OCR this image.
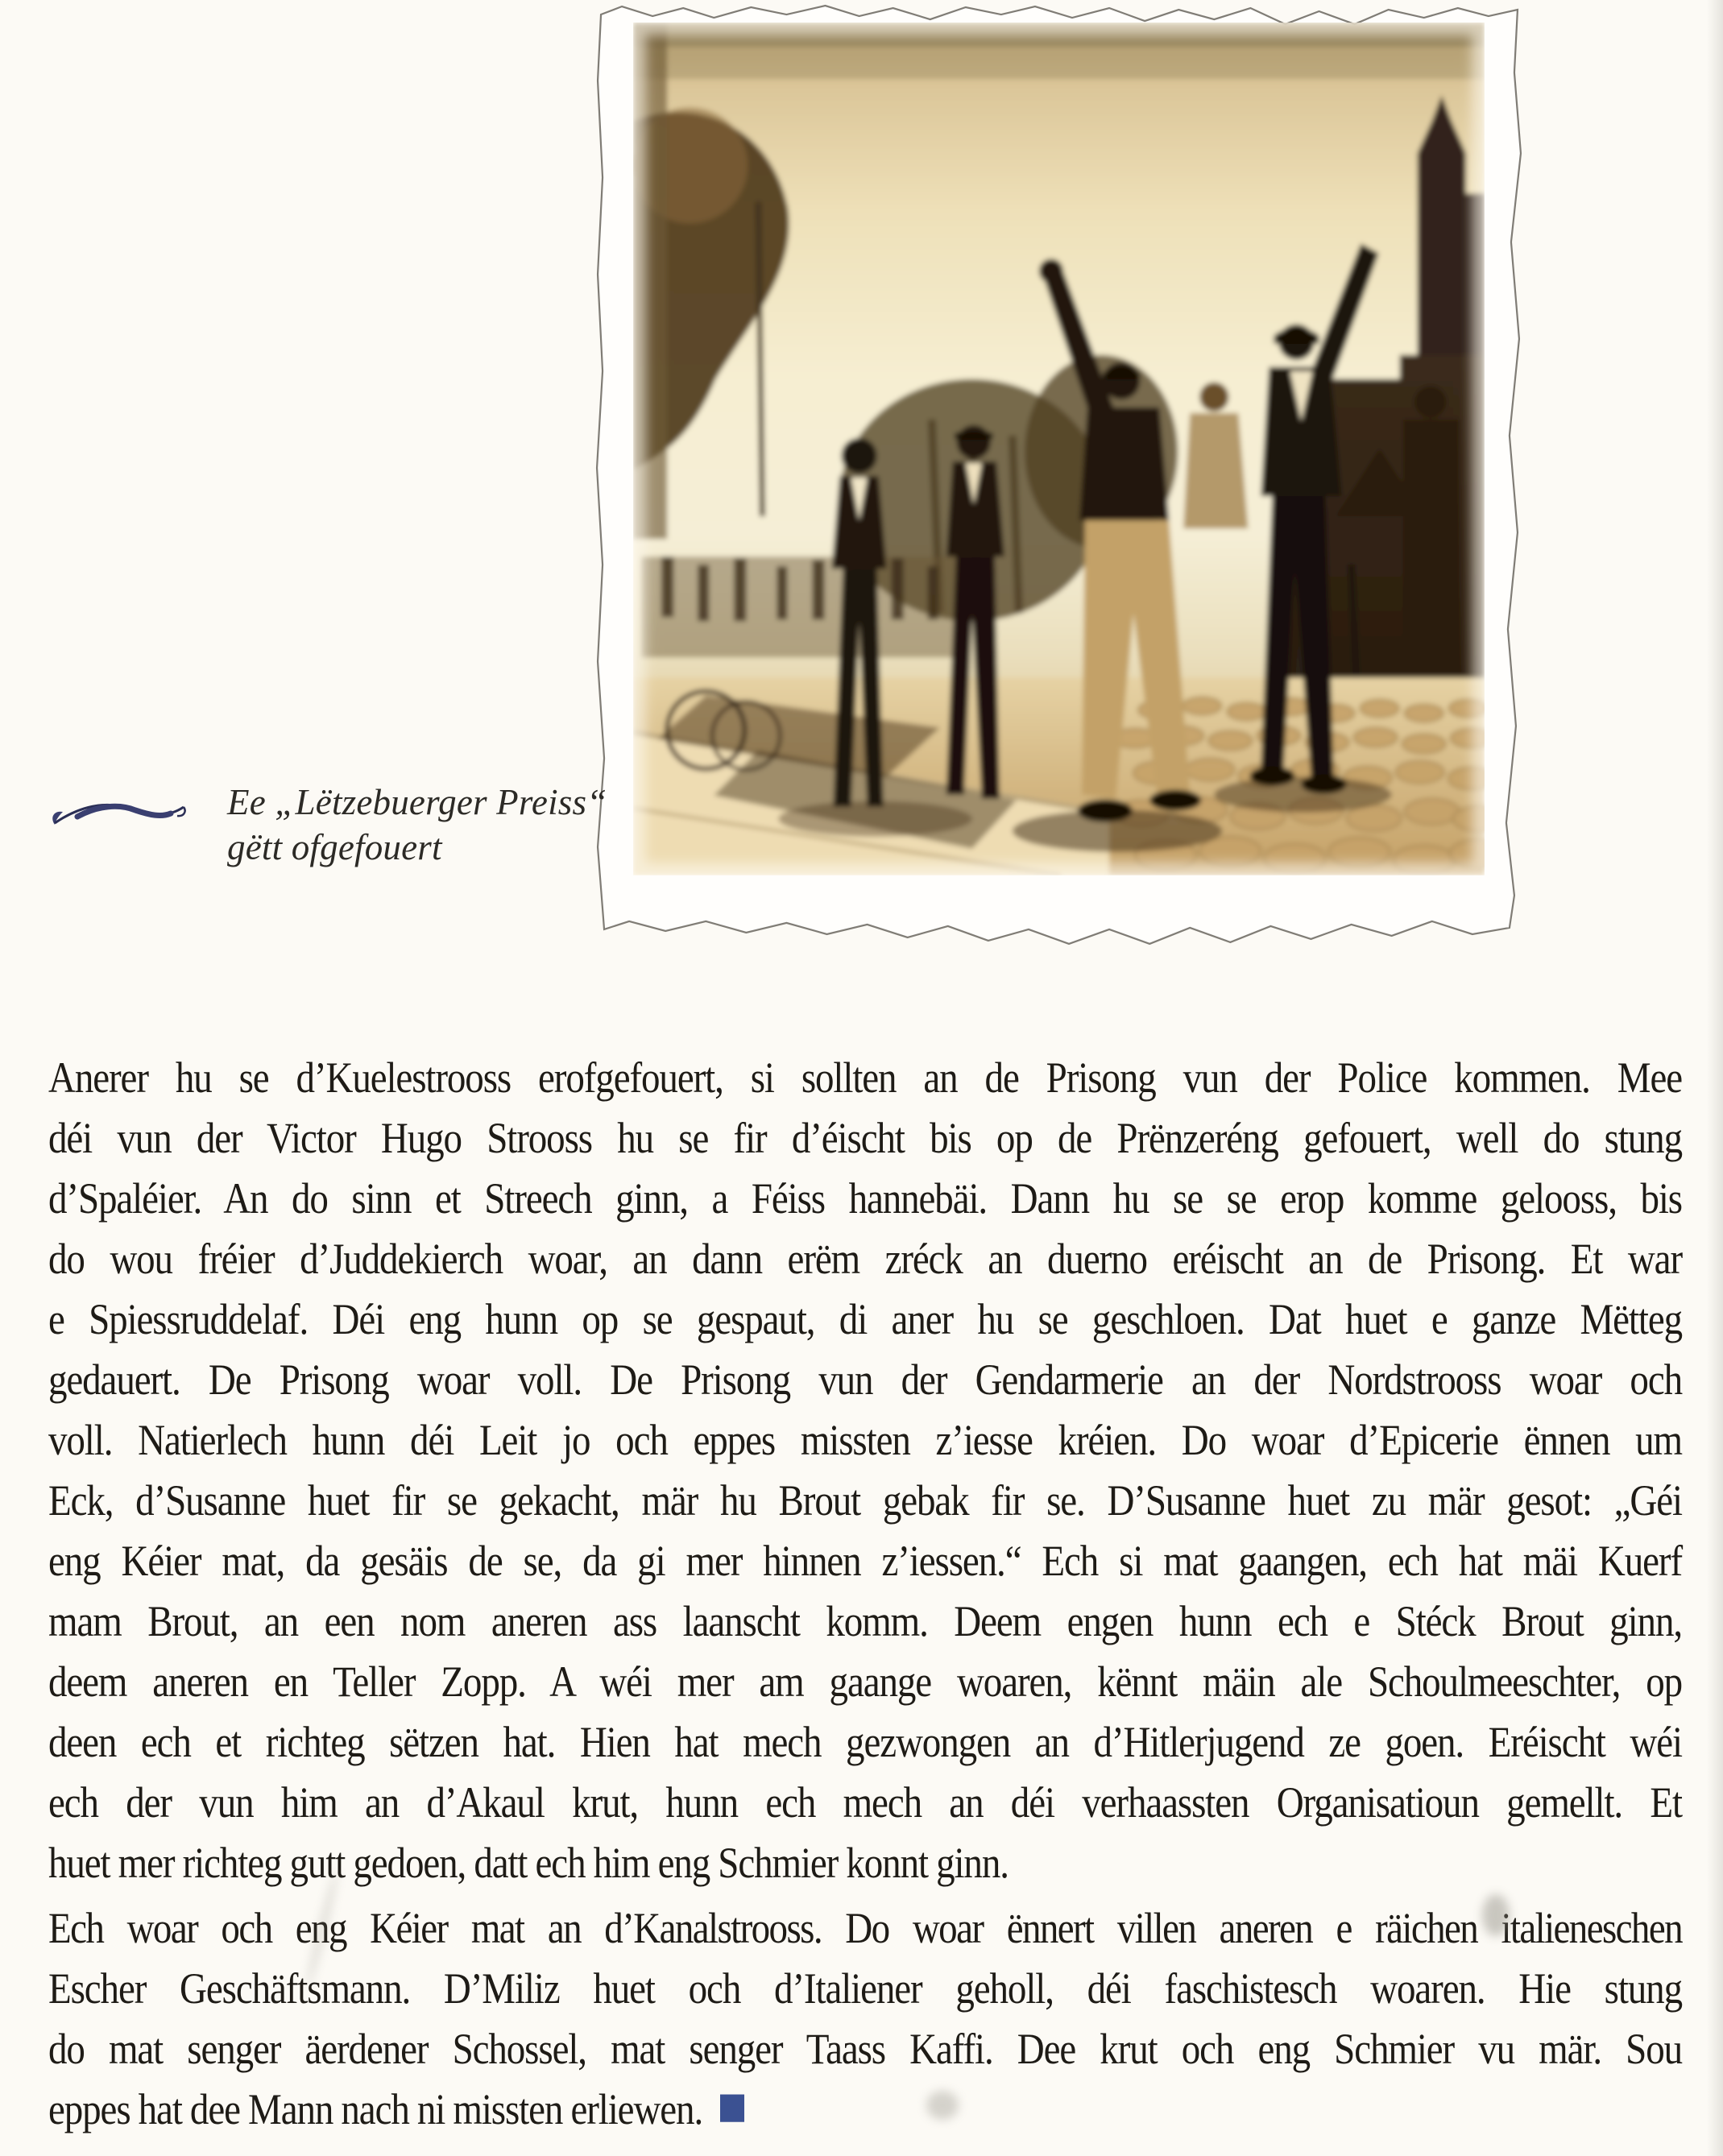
Ee „Lëtzebuerger Preiss“
gëtt ofgefouert
Anerer hu se d’Kuelestrooss erofgefouert, si sollten an de Prisong vun der Police kommen. Mee
déi vun der Victor Hugo Strooss hu se fir d’éischt bis op de Prënzeréng gefouert, well do stung
d’Spaléier. An do sinn et Streech ginn, a Féiss hannebäi. Dann hu se se erop komme gelooss, bis
do wou fréier d’Juddekierch woar, an dann erëm zréck an duerno eréischt an de Prisong. Et war
e Spiessruddelaf. Déi eng hunn op se gespaut, di aner hu se geschloen. Dat huet e ganze Mëtteg
gedauert. De Prisong woar voll. De Prisong vun der Gendarmerie an der Nordstrooss woar och
voll. Natierlech hunn déi Leit jo och eppes missten z’iesse kréien. Do woar d’Epicerie ënnen um
Eck, d’Susanne huet fir se gekacht, mär hu Brout gebak fir se. D’Susanne huet zu mär gesot: „Géi
eng Kéier mat, da gesäis de se, da gi mer hinnen z’iessen.“ Ech si mat gaangen, ech hat mäi Kuerf
mam Brout, an een nom aneren ass laanscht komm. Deem engen hunn ech e Stéck Brout ginn,
deem aneren en Teller Zopp. A wéi mer am gaange woaren, kënnt mäin ale Schoulmeeschter, op
deen ech et richteg sëtzen hat. Hien hat mech gezwongen an d’Hitlerjugend ze goen. Eréischt wéi
ech der vun him an d’Akaul krut, hunn ech mech an déi verhaassten Organisatioun gemellt. Et
huet mer richteg gutt gedoen, datt ech him eng Schmier konnt ginn.
Ech woar och eng Kéier mat an d’Kanalstrooss. Do woar ënnert villen aneren e räichen italieneschen
Escher Geschäftsmann. D’Miliz huet och d’Italiener geholl, déi faschistesch woaren. Hie stung
do mat senger äerdener Schossel, mat senger Taass Kaffi. Dee krut och eng Schmier vu mär. Sou
eppes hat dee Mann nach ni missten erliewen.
